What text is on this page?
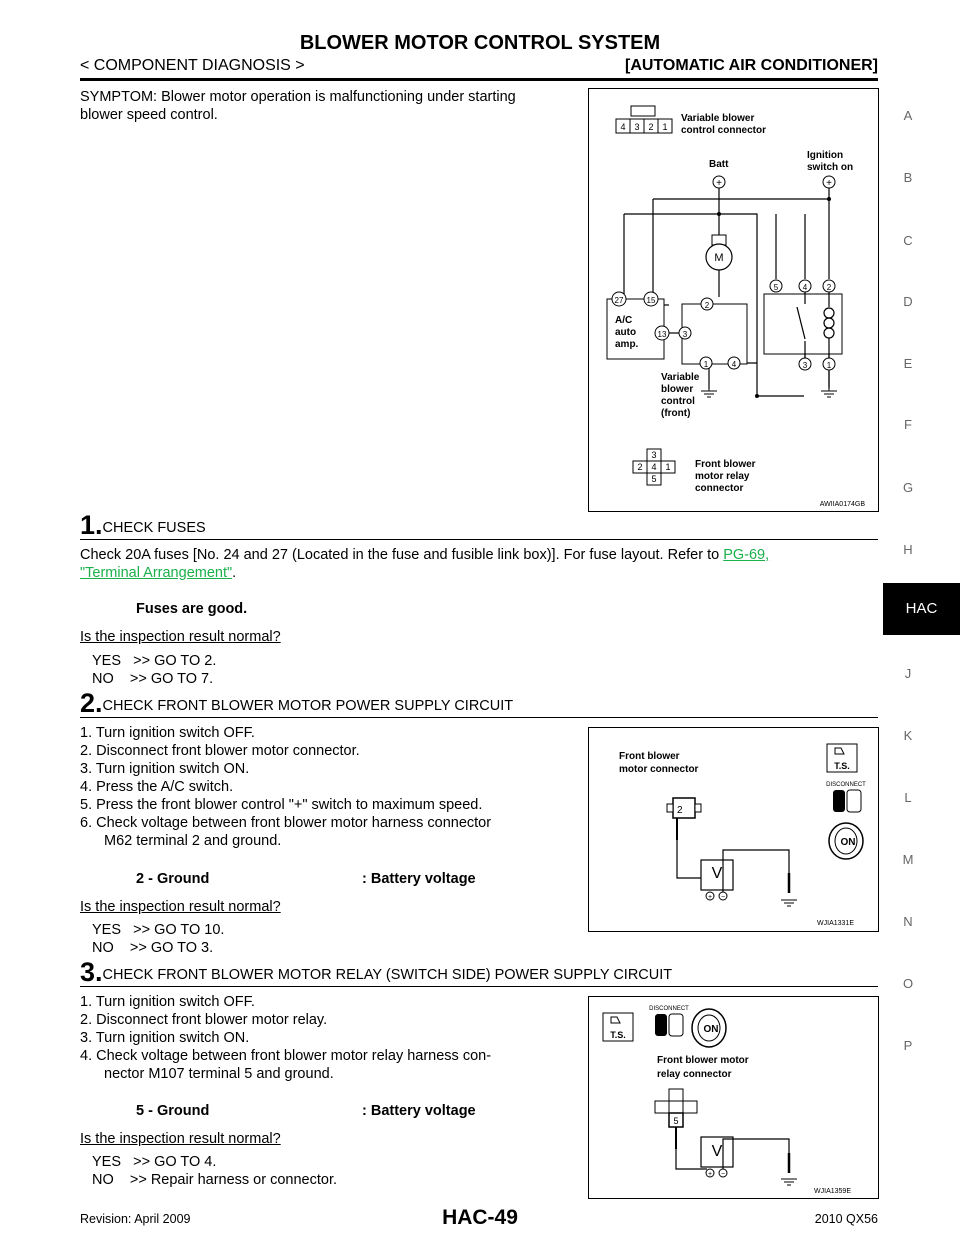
BLOWER MOTOR CONTROL SYSTEM
< COMPONENT DIAGNOSIS >	[AUTOMATIC AIR CONDITIONER]
SYMPTOM: Blower motor operation is malfunctioning under starting
blower speed control.
4 3 2 1
Variable blower
control connector
Batt
Ignition
switch on
+	+
M
A/C
auto
amp.
27	15
13
2
3
1	4
Variable
blower
control
(front)
5	4 2
3 1
3
2 4 1
5
Front blower
motor relay
connector
AWIIA0174GB
1.CHECK FUSES
Check 20A fuses [No. 24 and 27 (Located in the fuse and fusible link box)]. For fuse layout. Refer to PG-69,
"Terminal Arrangement".
Fuses are good.
Is the inspection result normal?
YES   >> GO TO 2.
NO    >> GO TO 7.
2.CHECK FRONT BLOWER MOTOR POWER SUPPLY CIRCUIT
1. Turn ignition switch OFF.
2. Disconnect front blower motor connector.
3. Turn ignition switch ON.
4. Press the A/C switch.
5. Press the front blower control "+" switch to maximum speed.
6. Check voltage between front blower motor harness connector
M62 terminal 2 and ground.
2 - Ground	: Battery voltage
Is the inspection result normal?
YES   >> GO TO 10.
NO    >> GO TO 3.
Front blower
motor connector
2
V
+ −
T.S.
DISCONNECT
ON
WJIA1331E
3.CHECK FRONT BLOWER MOTOR RELAY (SWITCH SIDE) POWER SUPPLY CIRCUIT
1. Turn ignition switch OFF.
2. Disconnect front blower motor relay.
3. Turn ignition switch ON.
4. Check voltage between front blower motor relay harness con-
nector M107 terminal 5 and ground.
5 - Ground	: Battery voltage
Is the inspection result normal?
YES   >> GO TO 4.
NO    >> Repair harness or connector.
T.S.
DISCONNECT
ON
Front blower motor
relay connector
5
V
+ −
WJIA1359E
A
B
C
D
E
F
G
H
HAC
J
K
L
M
N
O
P
Revision: April 2009	HAC-49	2010 QX56
